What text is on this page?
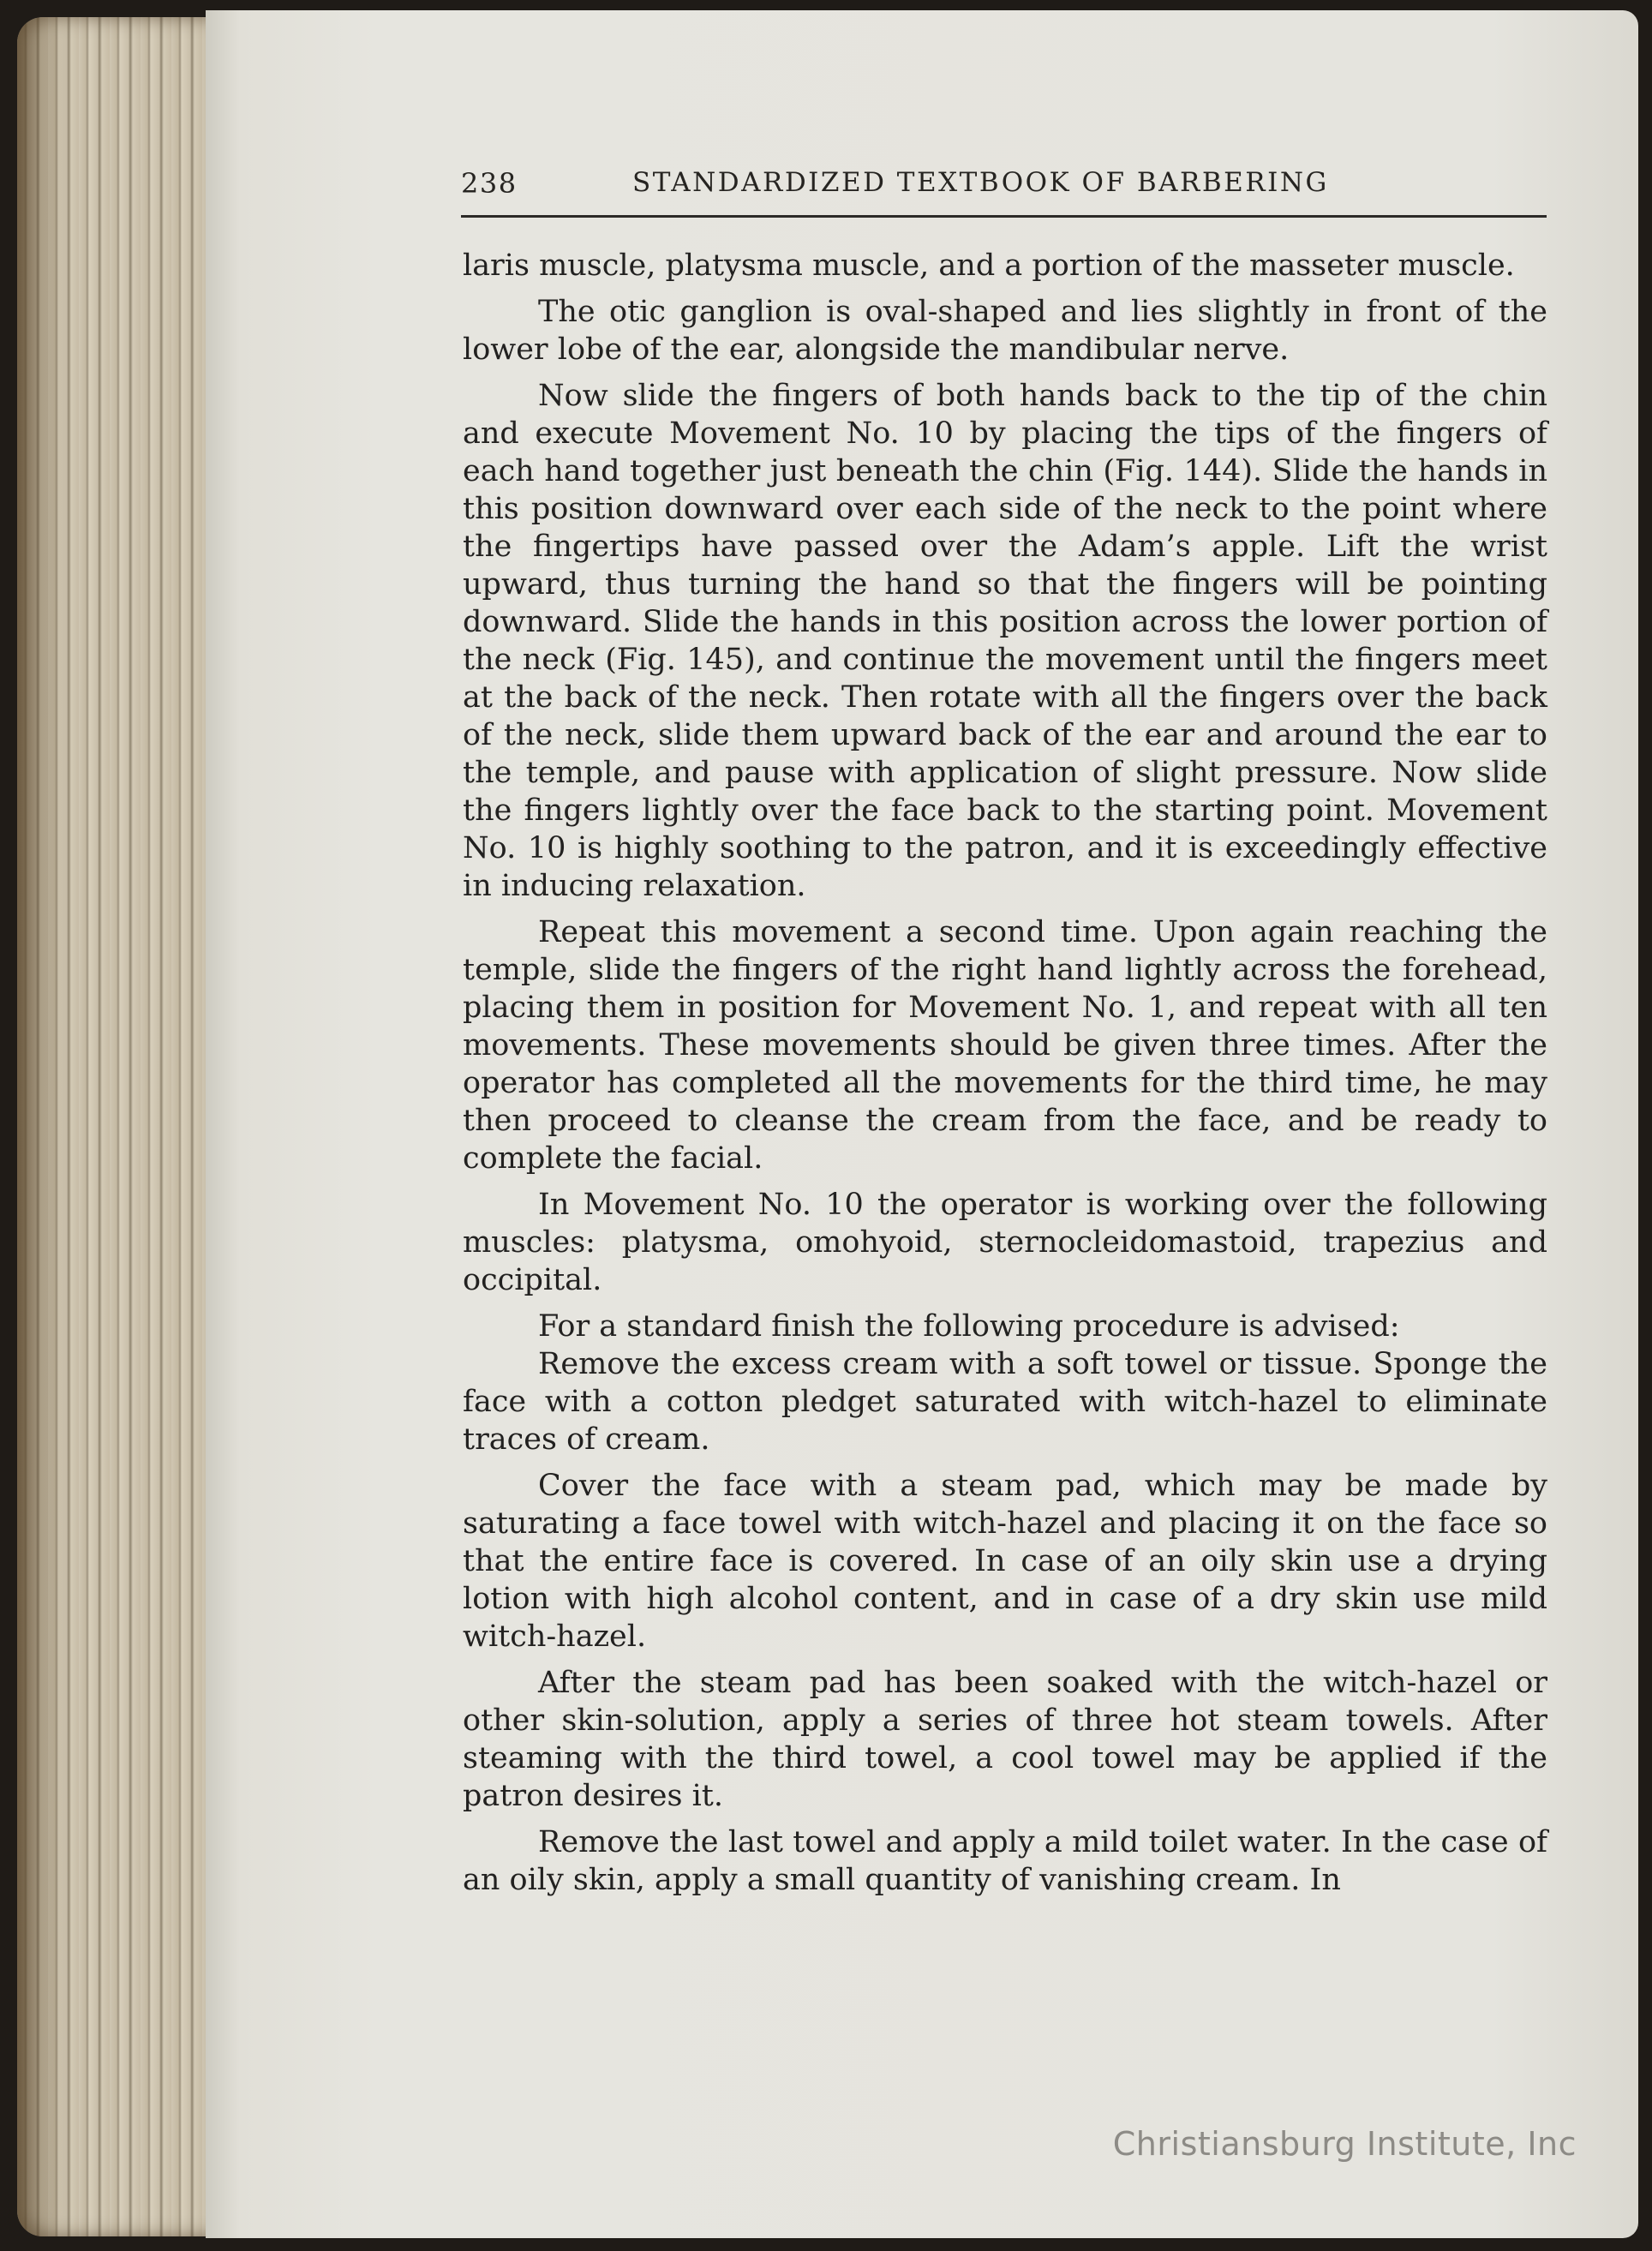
238	STANDARDIZED TEXTBOOK OF BARBERING

laris muscle, platysma muscle, and a portion of the masseter muscle.

The otic ganglion is oval-shaped and lies slightly in front of the lower lobe of the ear, alongside the mandibular nerve.

Now slide the fingers of both hands back to the tip of the chin and execute Movement No. 10 by placing the tips of the fingers of each hand together just beneath the chin (Fig. 144). Slide the hands in this position downward over each side of the neck to the point where the fingertips have passed over the Adam’s apple. Lift the wrist upward, thus turning the hand so that the fingers will be pointing downward. Slide the hands in this position across the lower portion of the neck (Fig. 145), and continue the movement until the fingers meet at the back of the neck. Then rotate with all the fingers over the back of the neck, slide them upward back of the ear and around the ear to the temple, and pause with application of slight pressure. Now slide the fingers lightly over the face back to the starting point. Movement No. 10 is highly soothing to the patron, and it is exceedingly effective in inducing relaxation.

Repeat this movement a second time. Upon again reaching the temple, slide the fingers of the right hand lightly across the forehead, placing them in position for Movement No. 1, and repeat with all ten movements. These movements should be given three times. After the operator has completed all the movements for the third time, he may then proceed to cleanse the cream from the face, and be ready to complete the facial.

In Movement No. 10 the operator is working over the following muscles: platysma, omohyoid, sternocleidomastoid, trapezius and occipital.

For a standard finish the following procedure is advised:

Remove the excess cream with a soft towel or tissue. Sponge the face with a cotton pledget saturated with witch-hazel to eliminate traces of cream.

Cover the face with a steam pad, which may be made by saturating a face towel with witch-hazel and placing it on the face so that the entire face is covered. In case of an oily skin use a drying lotion with high alcohol content, and in case of a dry skin use mild witch-hazel.

After the steam pad has been soaked with the witch-hazel or other skin-solution, apply a series of three hot steam towels. After steaming with the third towel, a cool towel may be applied if the patron desires it.

Remove the last towel and apply a mild toilet water. In the case of an oily skin, apply a small quantity of vanishing cream. In

Christiansburg Institute, Inc
